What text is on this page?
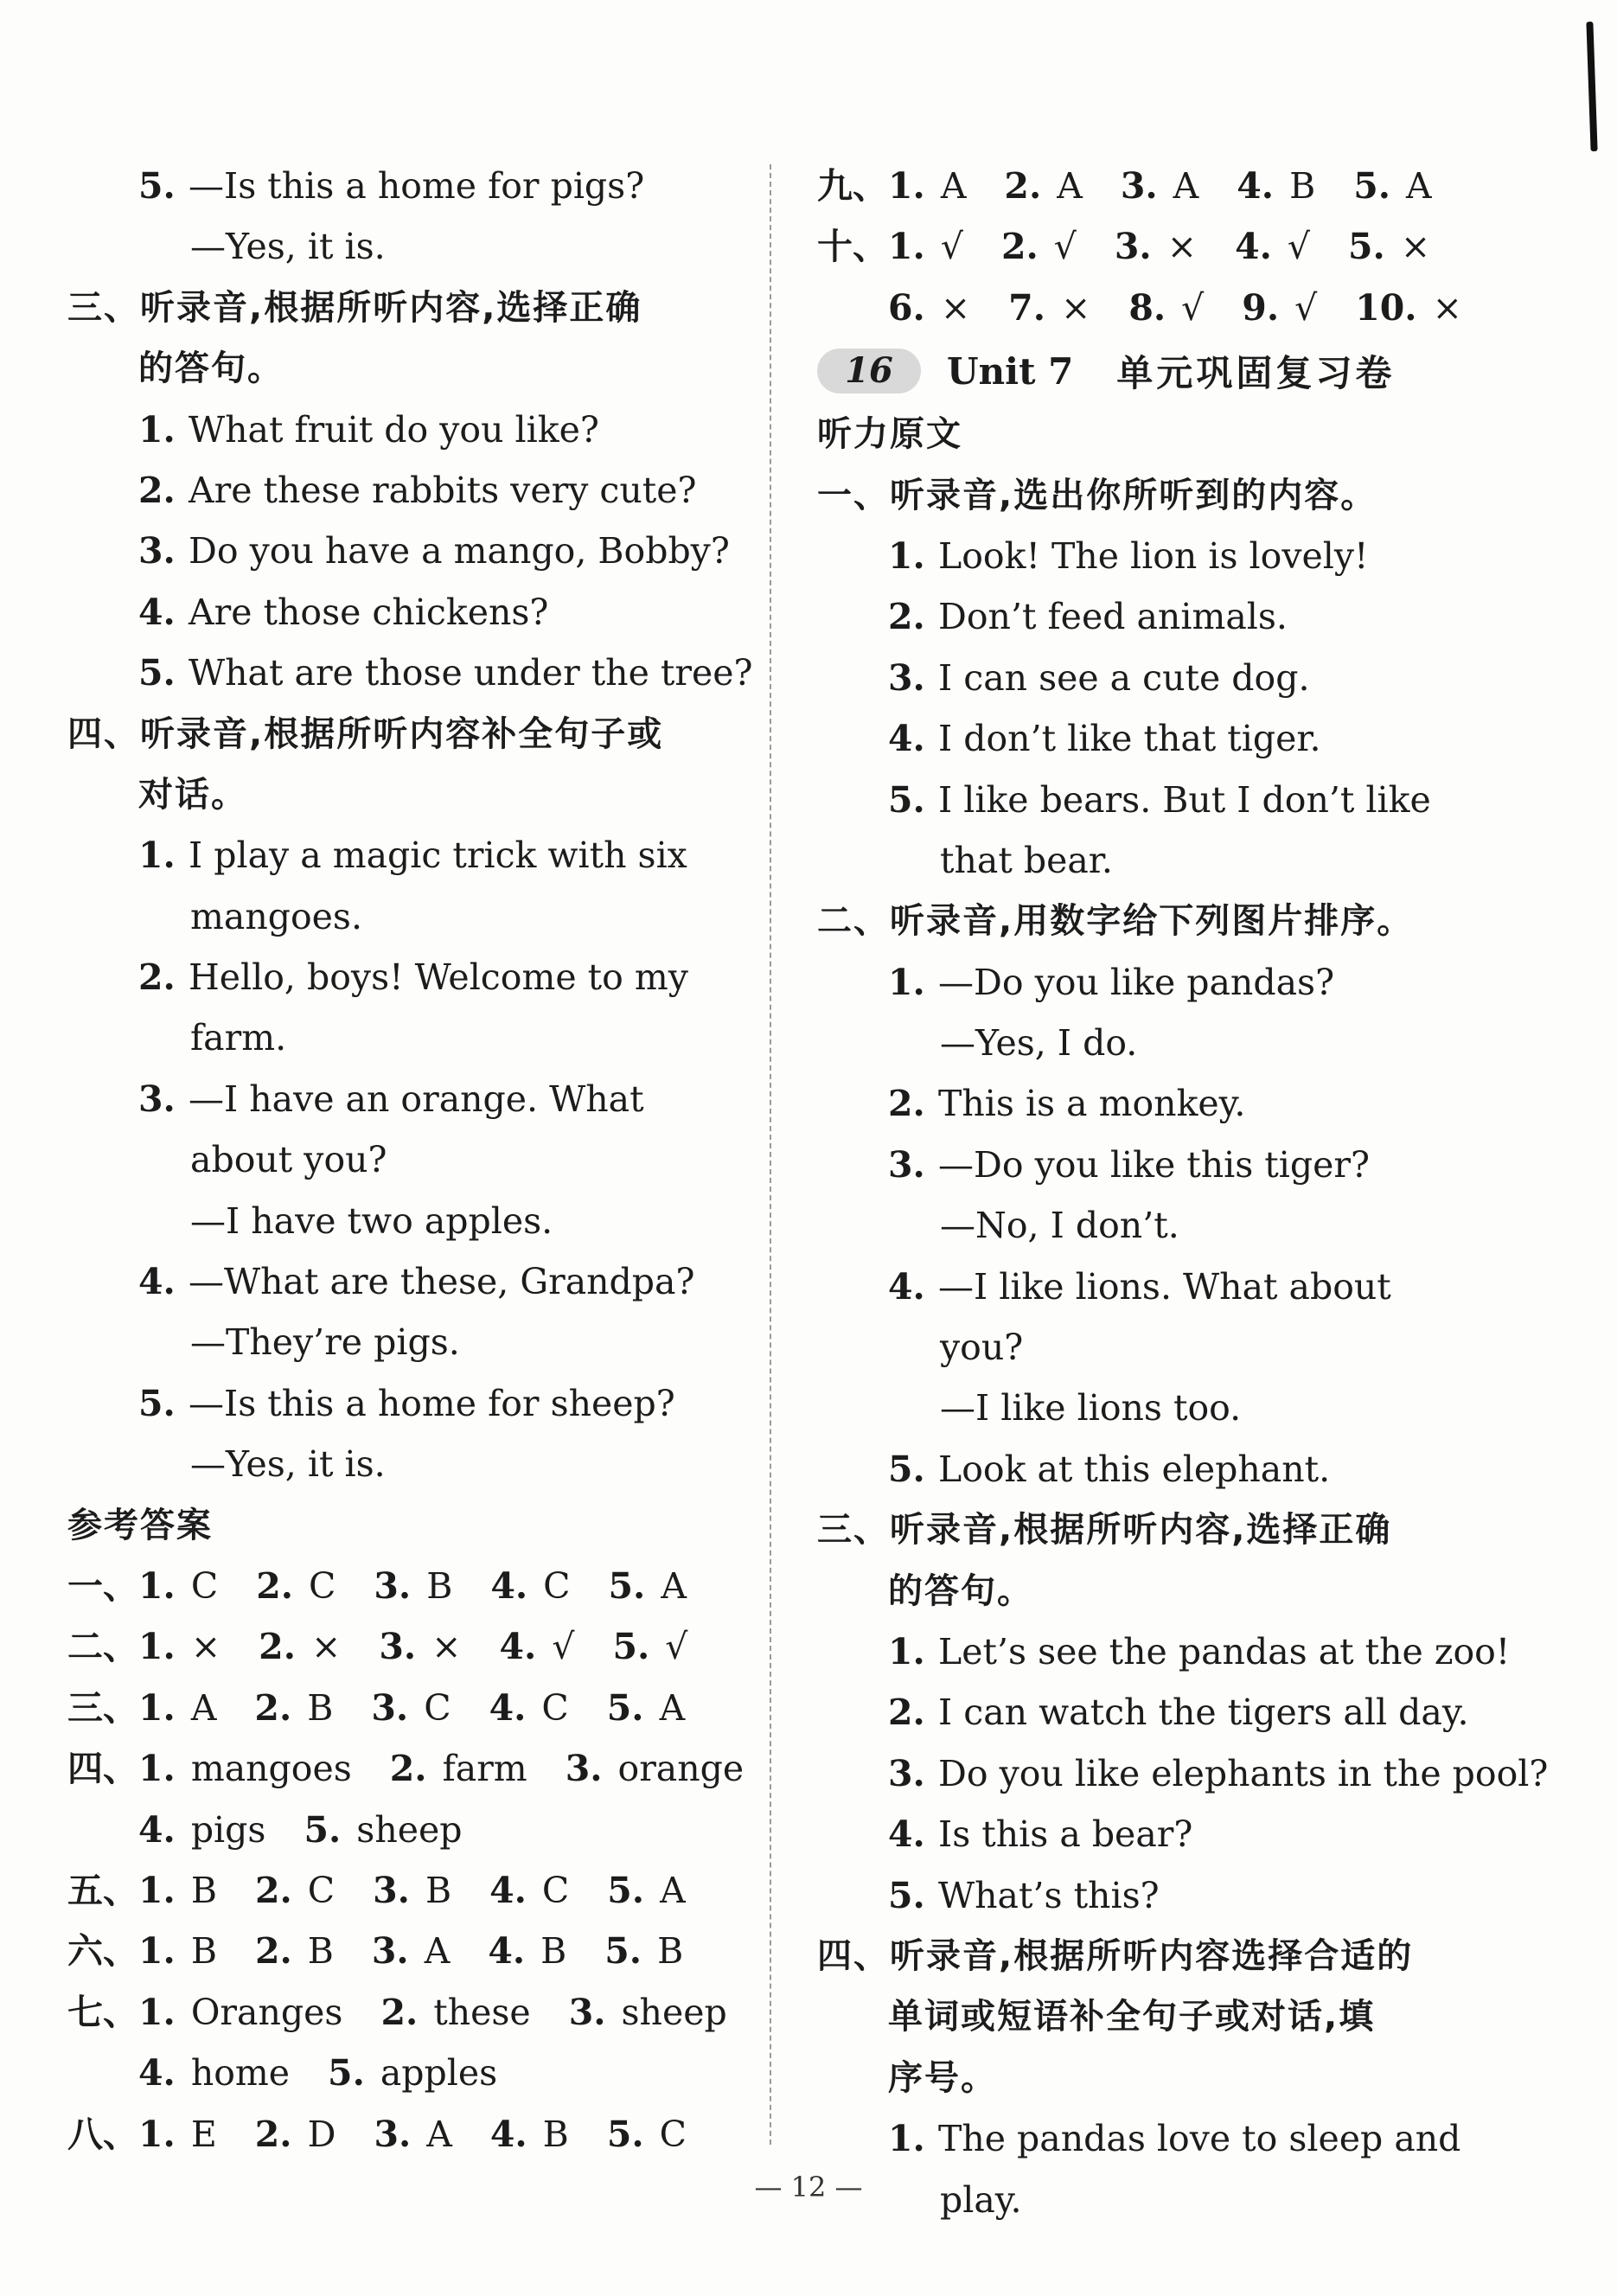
5. —Is this a home for pigs?
—Yes, it is.
三、听录音,根据所听内容,选择正确
的答句。
1. What fruit do you like?
2. Are these rabbits very cute?
3. Do you have a mango, Bobby?
4. Are those chickens?
5. What are those under the tree?
四、听录音,根据所听内容补全句子或
对话。
1. I play a magic trick with six
mangoes.
2. Hello, boys! Welcome to my
farm.
3. —I have an orange. What
about you?
—I have two apples.
4. —What are these, Grandpa?
—They’re pigs.
5. —Is this a home for sheep?
—Yes, it is.
参考答案
一、 1. C 2. C 3. B 4. C 5. A
二、 1. × 2. × 3. × 4. √ 5. √
三、 1. A 2. B 3. C 4. C 5. A
四、 1. mangoes 2. farm 3. orange
4. pigs 5. sheep
五、 1. B 2. C 3. B 4. C 5. A
六、 1. B 2. B 3. A 4. B 5. B
七、 1. Oranges 2. these 3. sheep
4. home 5. apples
八、 1. E 2. D 3. A 4. B 5. C
九、 1. A 2. A 3. A 4. B 5. A
十、 1. √ 2. √ 3. × 4. √ 5. ×
6. × 7. × 8. √ 9. √ 10. ×
16	Unit 7 单元巩固复习卷
听力原文
一、听录音,选出你所听到的内容。
1. Look! The lion is lovely!
2. Don’t feed animals.
3. I can see a cute dog.
4. I don’t like that tiger.
5. I like bears. But I don’t like
that bear.
二、听录音,用数字给下列图片排序。
1. —Do you like pandas?
—Yes, I do.
2. This is a monkey.
3. —Do you like this tiger?
—No, I don’t.
4. —I like lions. What about
you?
—I like lions too.
5. Look at this elephant.
三、听录音,根据所听内容,选择正确
的答句。
1. Let’s see the pandas at the zoo!
2. I can watch the tigers all day.
3. Do you like elephants in the pool?
4. Is this a bear?
5. What’s this?
四、听录音,根据所听内容选择合适的
单词或短语补全句子或对话,填
序号。
1. The pandas love to sleep and
play.
— 12 —
